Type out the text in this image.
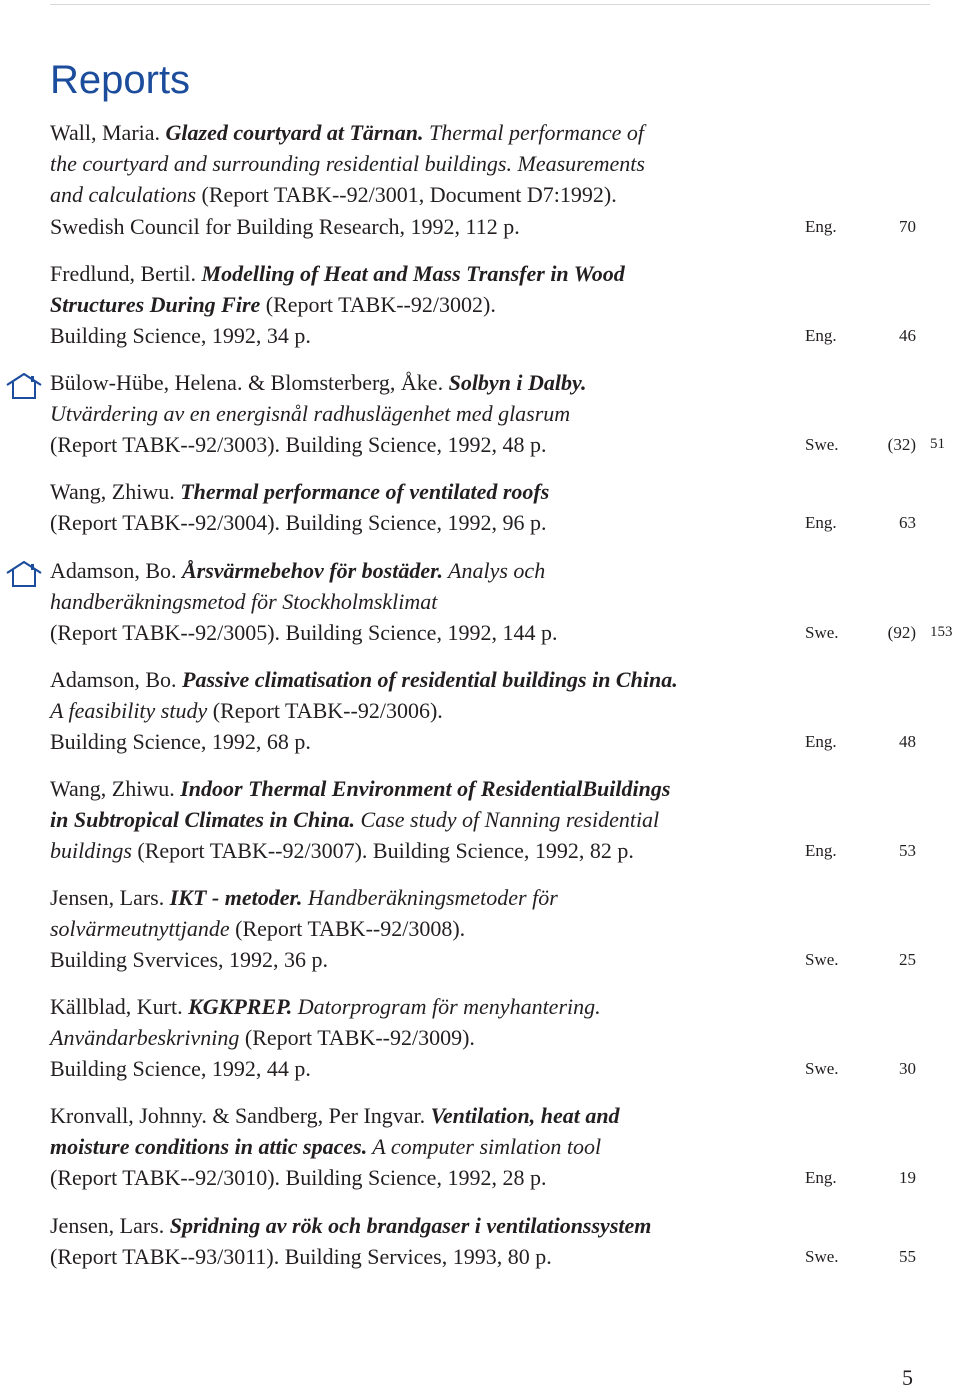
Reports
Wall, Maria. Glazed courtyard at Tärnan. Thermal performance of
the courtyard and surrounding residential buildings. Measurements
and calculations (Report TABK--92/3001, Document D7:1992).
Swedish Council for Building Research, 1992, 112 p.	Eng.	70
Fredlund, Bertil. Modelling of Heat and Mass Transfer in Wood
Structures During Fire (Report TABK--92/3002).
Building Science, 1992, 34 p.	Eng.	46
Bülow-Hübe, Helena. & Blomsterberg, Åke. Solbyn i Dalby.
Utvärdering av en energisnål radhuslägenhet med glasrum
(Report TABK--92/3003). Building Science, 1992, 48 p.	Swe.	(32) 51
Wang, Zhiwu. Thermal performance of ventilated roofs
(Report TABK--92/3004). Building Science, 1992, 96 p.	Eng.	63
Adamson, Bo. Årsvärmebehov för bostäder. Analys och
handberäkningsmetod för Stockholmsklimat
(Report TABK--92/3005). Building Science, 1992, 144 p.	Swe.	(92) 153
Adamson, Bo. Passive climatisation of residential buildings in China.
A feasibility study (Report TABK--92/3006).
Building Science, 1992, 68 p.	Eng.	48
Wang, Zhiwu. Indoor Thermal Environment of ResidentialBuildings
in Subtropical Climates in China. Case study of Nanning residential
buildings (Report TABK--92/3007). Building Science, 1992, 82 p.	Eng.	53
Jensen, Lars. IKT - metoder. Handberäkningsmetoder för
solvärmeutnyttjande (Report TABK--92/3008).
Building Svervices, 1992, 36 p.	Swe.	25
Källblad, Kurt. KGKPREP. Datorprogram för menyhantering.
Användarbeskrivning (Report TABK--92/3009).
Building Science, 1992, 44 p.	Swe.	30
Kronvall, Johnny. & Sandberg, Per Ingvar. Ventilation, heat and
moisture conditions in attic spaces. A computer simlation tool
(Report TABK--92/3010). Building Science, 1992, 28 p.	Eng.	19
Jensen, Lars. Spridning av rök och brandgaser i ventilationssystem
(Report TABK--93/3011). Building Services, 1993, 80 p.	Swe.	55
5
